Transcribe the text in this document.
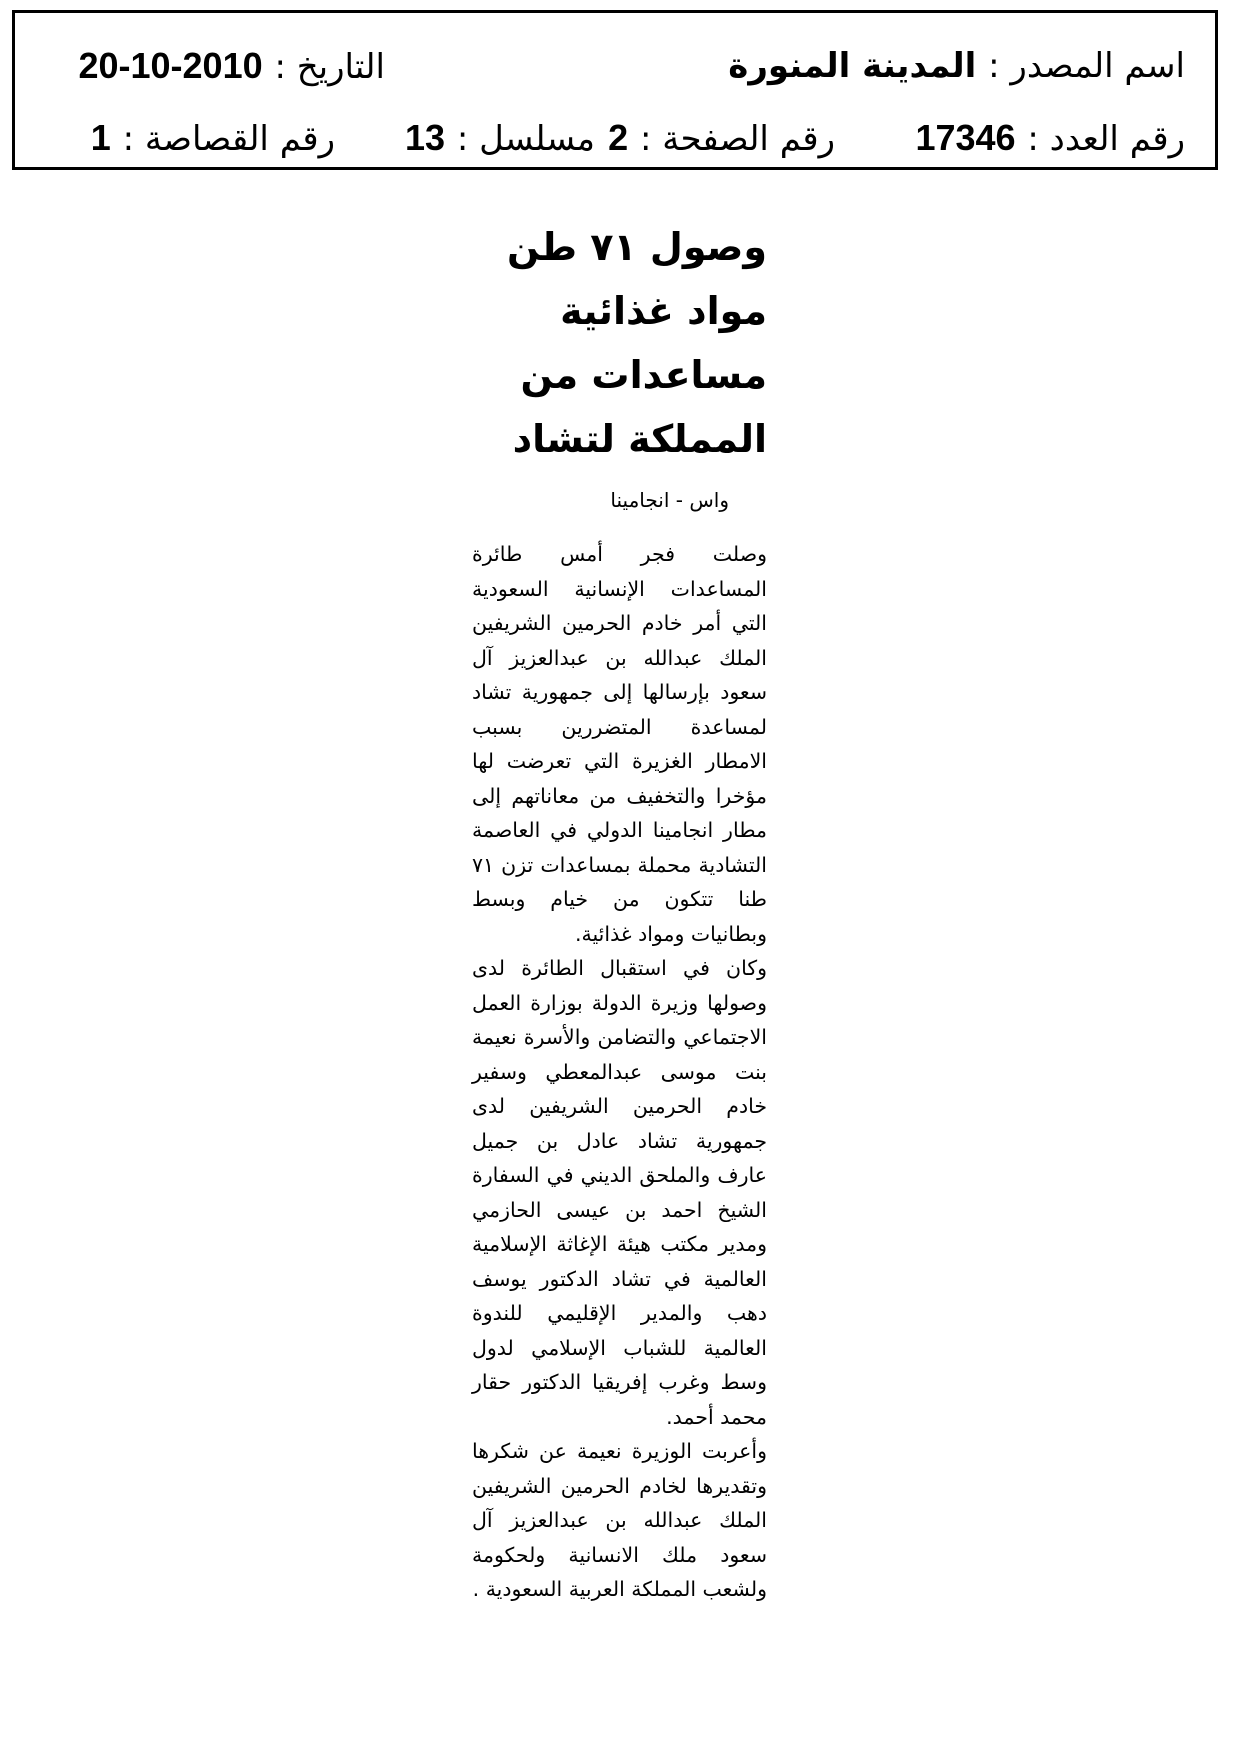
اسم المصدر : المدينة المنورة
التاريخ : 2010-10-20
رقم العدد : 17346
رقم الصفحة : 2
مسلسل : 13
رقم القصاصة : 1
وصول ٧١ طن
مواد غذائية
مساعدات من
المملكة لتشاد
واس - انجامينا

وصلت فجر أمس طائرة المساعدات الإنسانية السعودية التي أمر خادم الحرمين الشريفين الملك عبدالله بن عبدالعزيز آل سعود بإرسالها إلى جمهورية تشاد لمساعدة المتضررين بسبب الامطار الغزيرة التي تعرضت لها مؤخرا والتخفيف من معاناتهم إلى مطار انجامينا الدولي في العاصمة التشادية محملة بمساعدات تزن ٧١ طنا تتكون من خيام وبسط وبطانيات ومواد غذائية.

وكان في استقبال الطائرة لدى وصولها وزيرة الدولة بوزارة العمل الاجتماعي والتضامن والأسرة نعيمة بنت موسى عبدالمعطي وسفير خادم الحرمين الشريفين لدى جمهورية تشاد عادل بن جميل عارف والملحق الديني في السفارة الشيخ احمد بن عيسى الحازمي ومدير مكتب هيئة الإغاثة الإسلامية العالمية في تشاد الدكتور يوسف دهب والمدير الإقليمي للندوة العالمية للشباب الإسلامي لدول وسط وغرب إفريقيا الدكتور حقار محمد أحمد.

وأعربت الوزيرة نعيمة عن شكرها وتقديرها لخادم الحرمين الشريفين الملك عبدالله بن عبدالعزيز آل سعود ملك الانسانية ولحكومة ولشعب المملكة العربية السعودية .
